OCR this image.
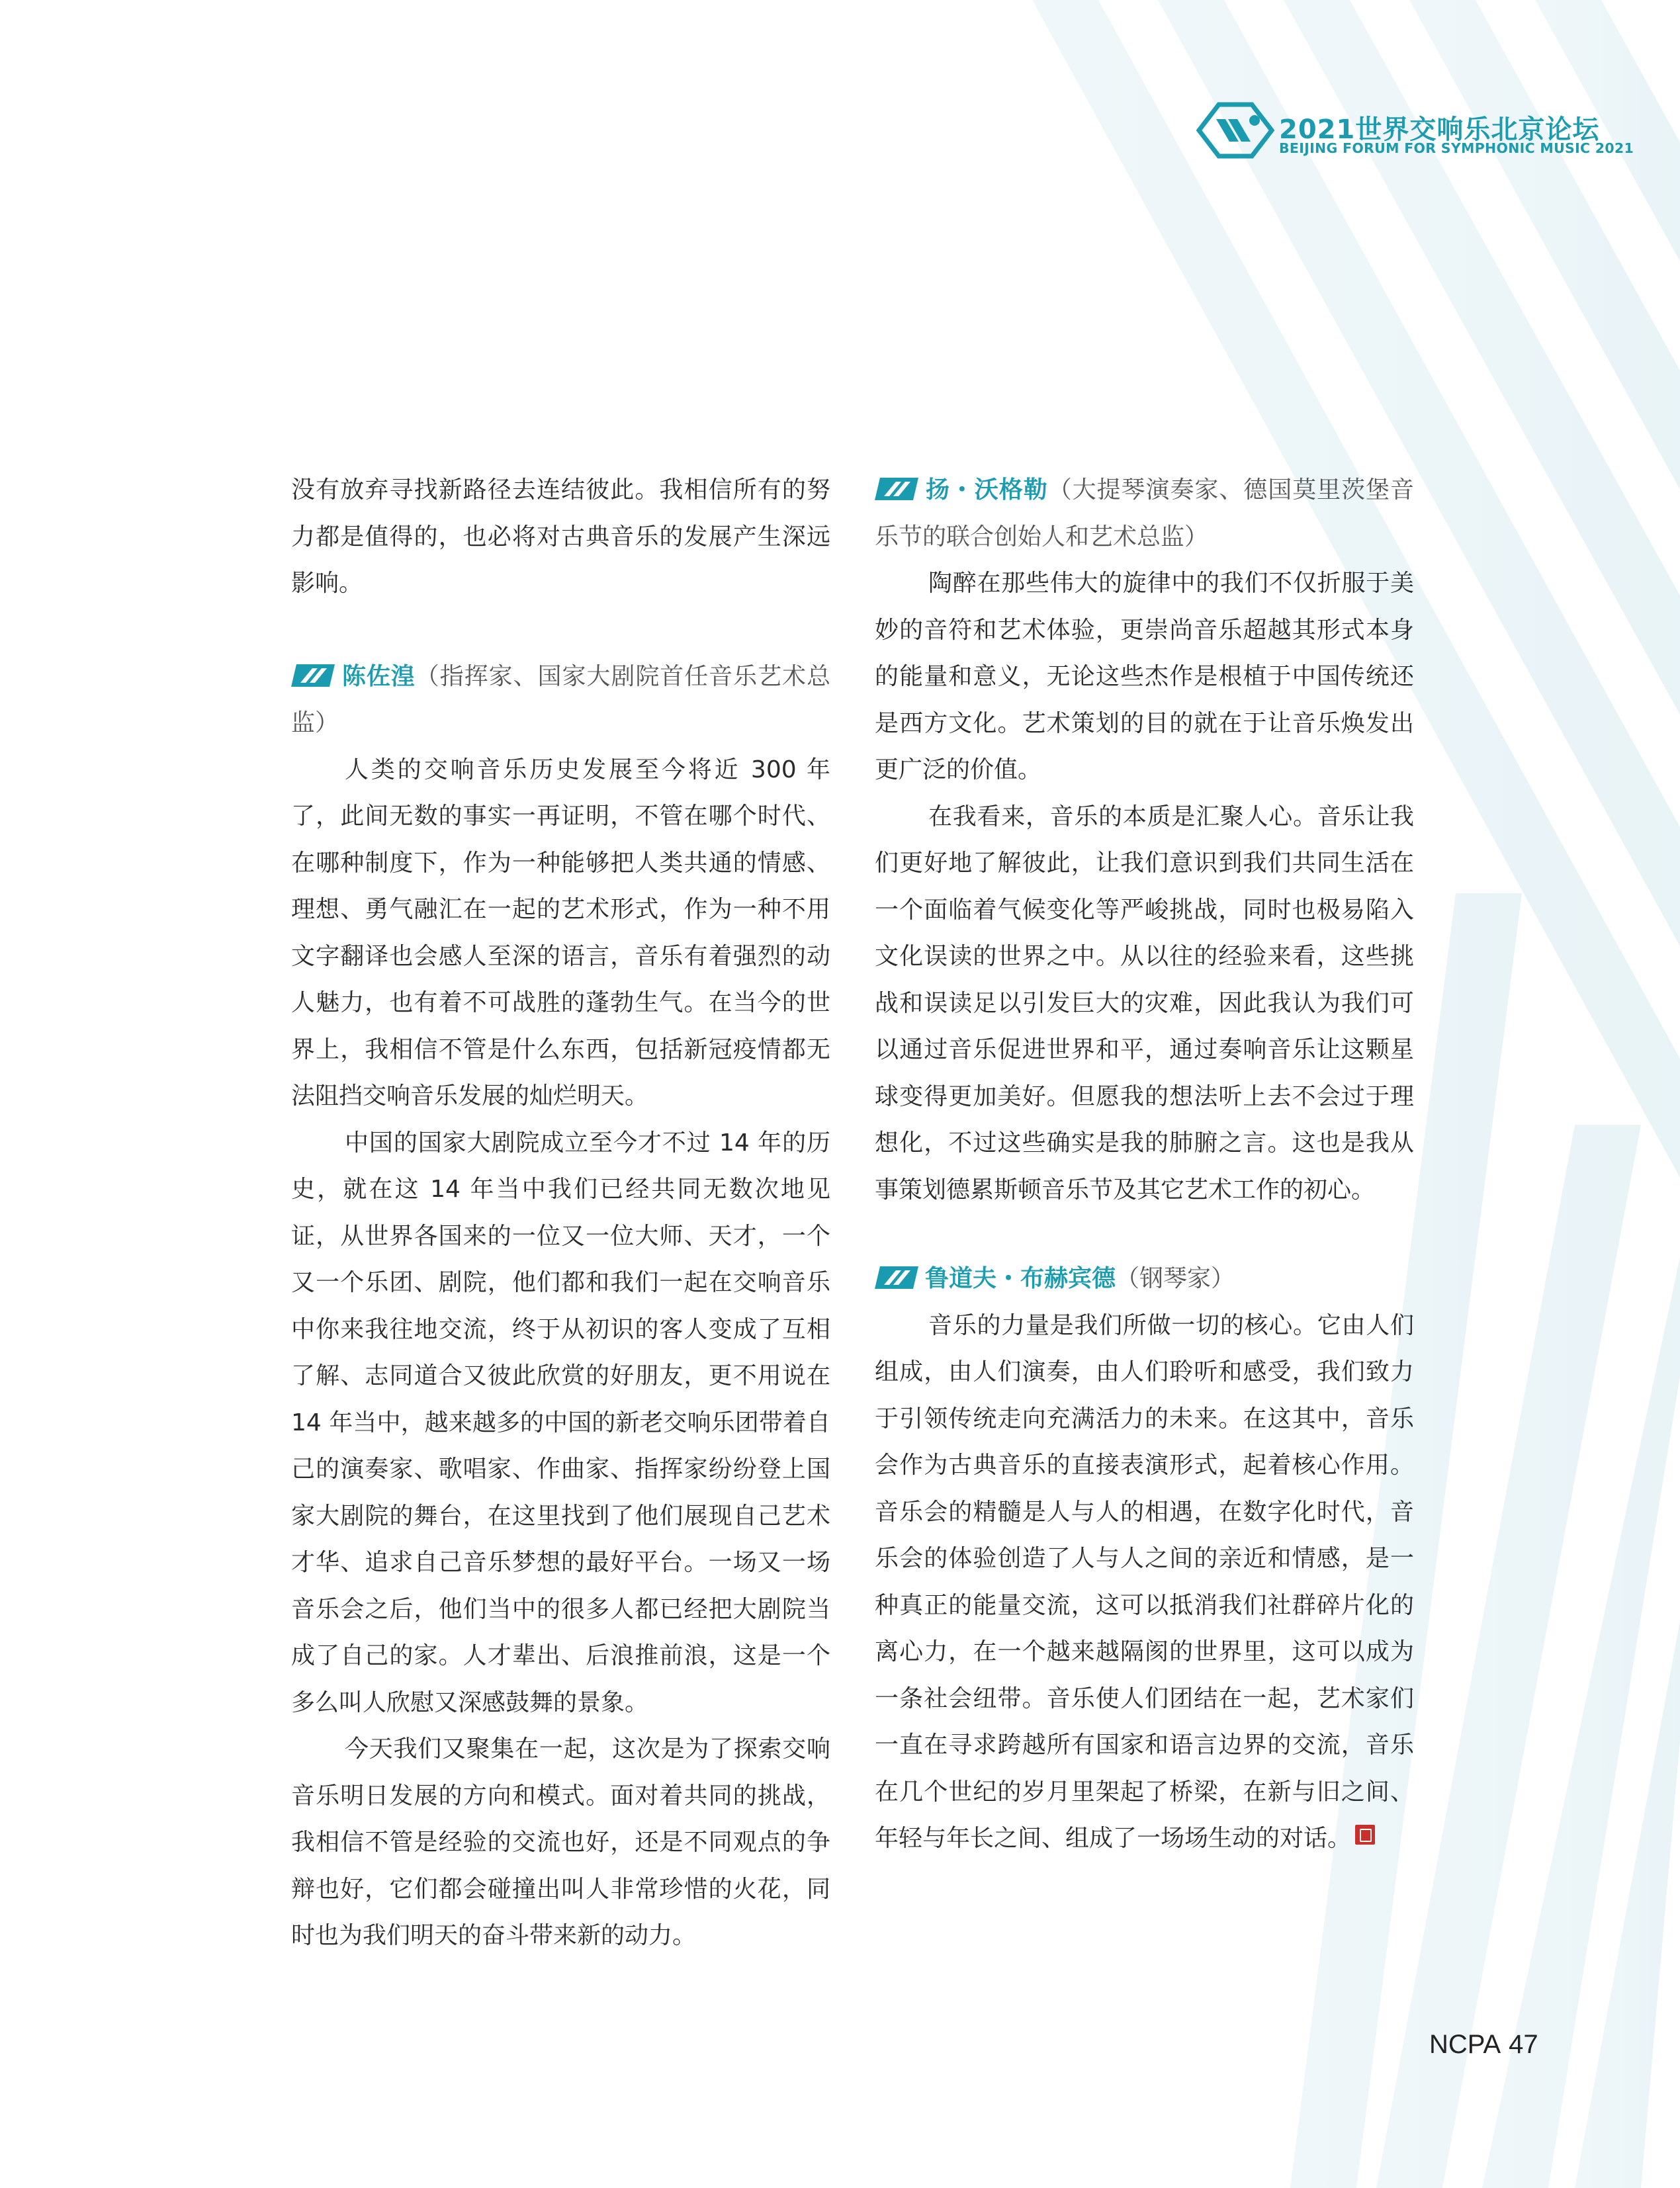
2021世界交响乐北京论坛
BEIJING FORUM FOR SYMPHONIC MUSIC 2021

没有放弃寻找新路径去连结彼此。我相信所有的努力都是值得的，也必将对古典音乐的发展产生深远影响。

陈佐湟（指挥家、国家大剧院首任音乐艺术总监）

人类的交响音乐历史发展至今将近 300 年了，此间无数的事实一再证明，不管在哪个时代、在哪种制度下，作为一种能够把人类共通的情感、理想、勇气融汇在一起的艺术形式，作为一种不用文字翻译也会感人至深的语言，音乐有着强烈的动人魅力，也有着不可战胜的蓬勃生气。在当今的世界上，我相信不管是什么东西，包括新冠疫情都无法阻挡交响音乐发展的灿烂明天。

中国的国家大剧院成立至今才不过 14 年的历史，就在这 14 年当中我们已经共同无数次地见证，从世界各国来的一位又一位大师、天才，一个又一个乐团、剧院，他们都和我们一起在交响音乐中你来我往地交流，终于从初识的客人变成了互相了解、志同道合又彼此欣赏的好朋友，更不用说在 14 年当中，越来越多的中国的新老交响乐团带着自己的演奏家、歌唱家、作曲家、指挥家纷纷登上国家大剧院的舞台，在这里找到了他们展现自己艺术才华、追求自己音乐梦想的最好平台。一场又一场音乐会之后，他们当中的很多人都已经把大剧院当成了自己的家。人才辈出、后浪推前浪，这是一个多么叫人欣慰又深感鼓舞的景象。

今天我们又聚集在一起，这次是为了探索交响音乐明日发展的方向和模式。面对着共同的挑战，我相信不管是经验的交流也好，还是不同观点的争辩也好，它们都会碰撞出叫人非常珍惜的火花，同时也为我们明天的奋斗带来新的动力。

扬・沃格勒（大提琴演奏家、德国莫里茨堡音乐节的联合创始人和艺术总监）

陶醉在那些伟大的旋律中的我们不仅折服于美妙的音符和艺术体验，更崇尚音乐超越其形式本身的能量和意义，无论这些杰作是根植于中国传统还是西方文化。艺术策划的目的就在于让音乐焕发出更广泛的价值。

在我看来，音乐的本质是汇聚人心。音乐让我们更好地了解彼此，让我们意识到我们共同生活在一个面临着气候变化等严峻挑战，同时也极易陷入文化误读的世界之中。从以往的经验来看，这些挑战和误读足以引发巨大的灾难，因此我认为我们可以通过音乐促进世界和平，通过奏响音乐让这颗星球变得更加美好。但愿我的想法听上去不会过于理想化，不过这些确实是我的肺腑之言。这也是我从事策划德累斯顿音乐节及其它艺术工作的初心。

鲁道夫・布赫宾德（钢琴家）

音乐的力量是我们所做一切的核心。它由人们组成，由人们演奏，由人们聆听和感受，我们致力于引领传统走向充满活力的未来。在这其中，音乐会作为古典音乐的直接表演形式，起着核心作用。音乐会的精髓是人与人的相遇，在数字化时代，音乐会的体验创造了人与人之间的亲近和情感，是一种真正的能量交流，这可以抵消我们社群碎片化的离心力，在一个越来越隔阂的世界里，这可以成为一条社会纽带。音乐使人们团结在一起，艺术家们一直在寻求跨越所有国家和语言边界的交流，音乐在几个世纪的岁月里架起了桥梁，在新与旧之间、年轻与年长之间、组成了一场场生动的对话。

NCPA 47
